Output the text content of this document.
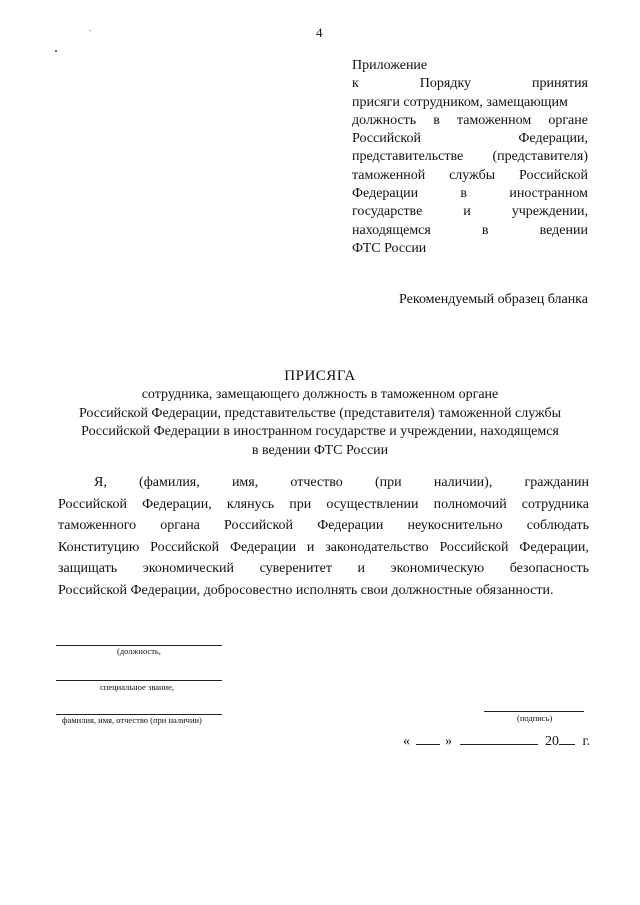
4
Приложение
к	Порядку	принятия
присяги сотрудником, замещающим
должность в таможенном органе
Российской	Федерации,
представительстве (представителя)
таможенной службы Российской
Федерации	в	иностранном
государстве	и	учреждении,
находящемся	в	ведении
ФТС России
Рекомендуемый образец бланка
ПРИСЯГА
сотрудника, замещающего должность в таможенном органе
Российской Федерации, представительстве (представителя) таможенной службы
Российской Федерации в иностранном государстве и учреждении, находящемся
в ведении ФТС России
Я, (фамилия, имя, отчество (при наличии), гражданин
Российской Федерации, клянусь при осуществлении полномочий сотрудника
таможенного органа Российской Федерации неукоснительно соблюдать
Конституцию Российской Федерации и законодательство Российской Федерации,
защищать экономический суверенитет и экономическую безопасность
Российской Федерации, добросовестно исполнять свои должностные обязанности.
(должность,
специальное звание,
фамилия, имя, отчество (при наличии)	(подпись)
«	»	20 г.
